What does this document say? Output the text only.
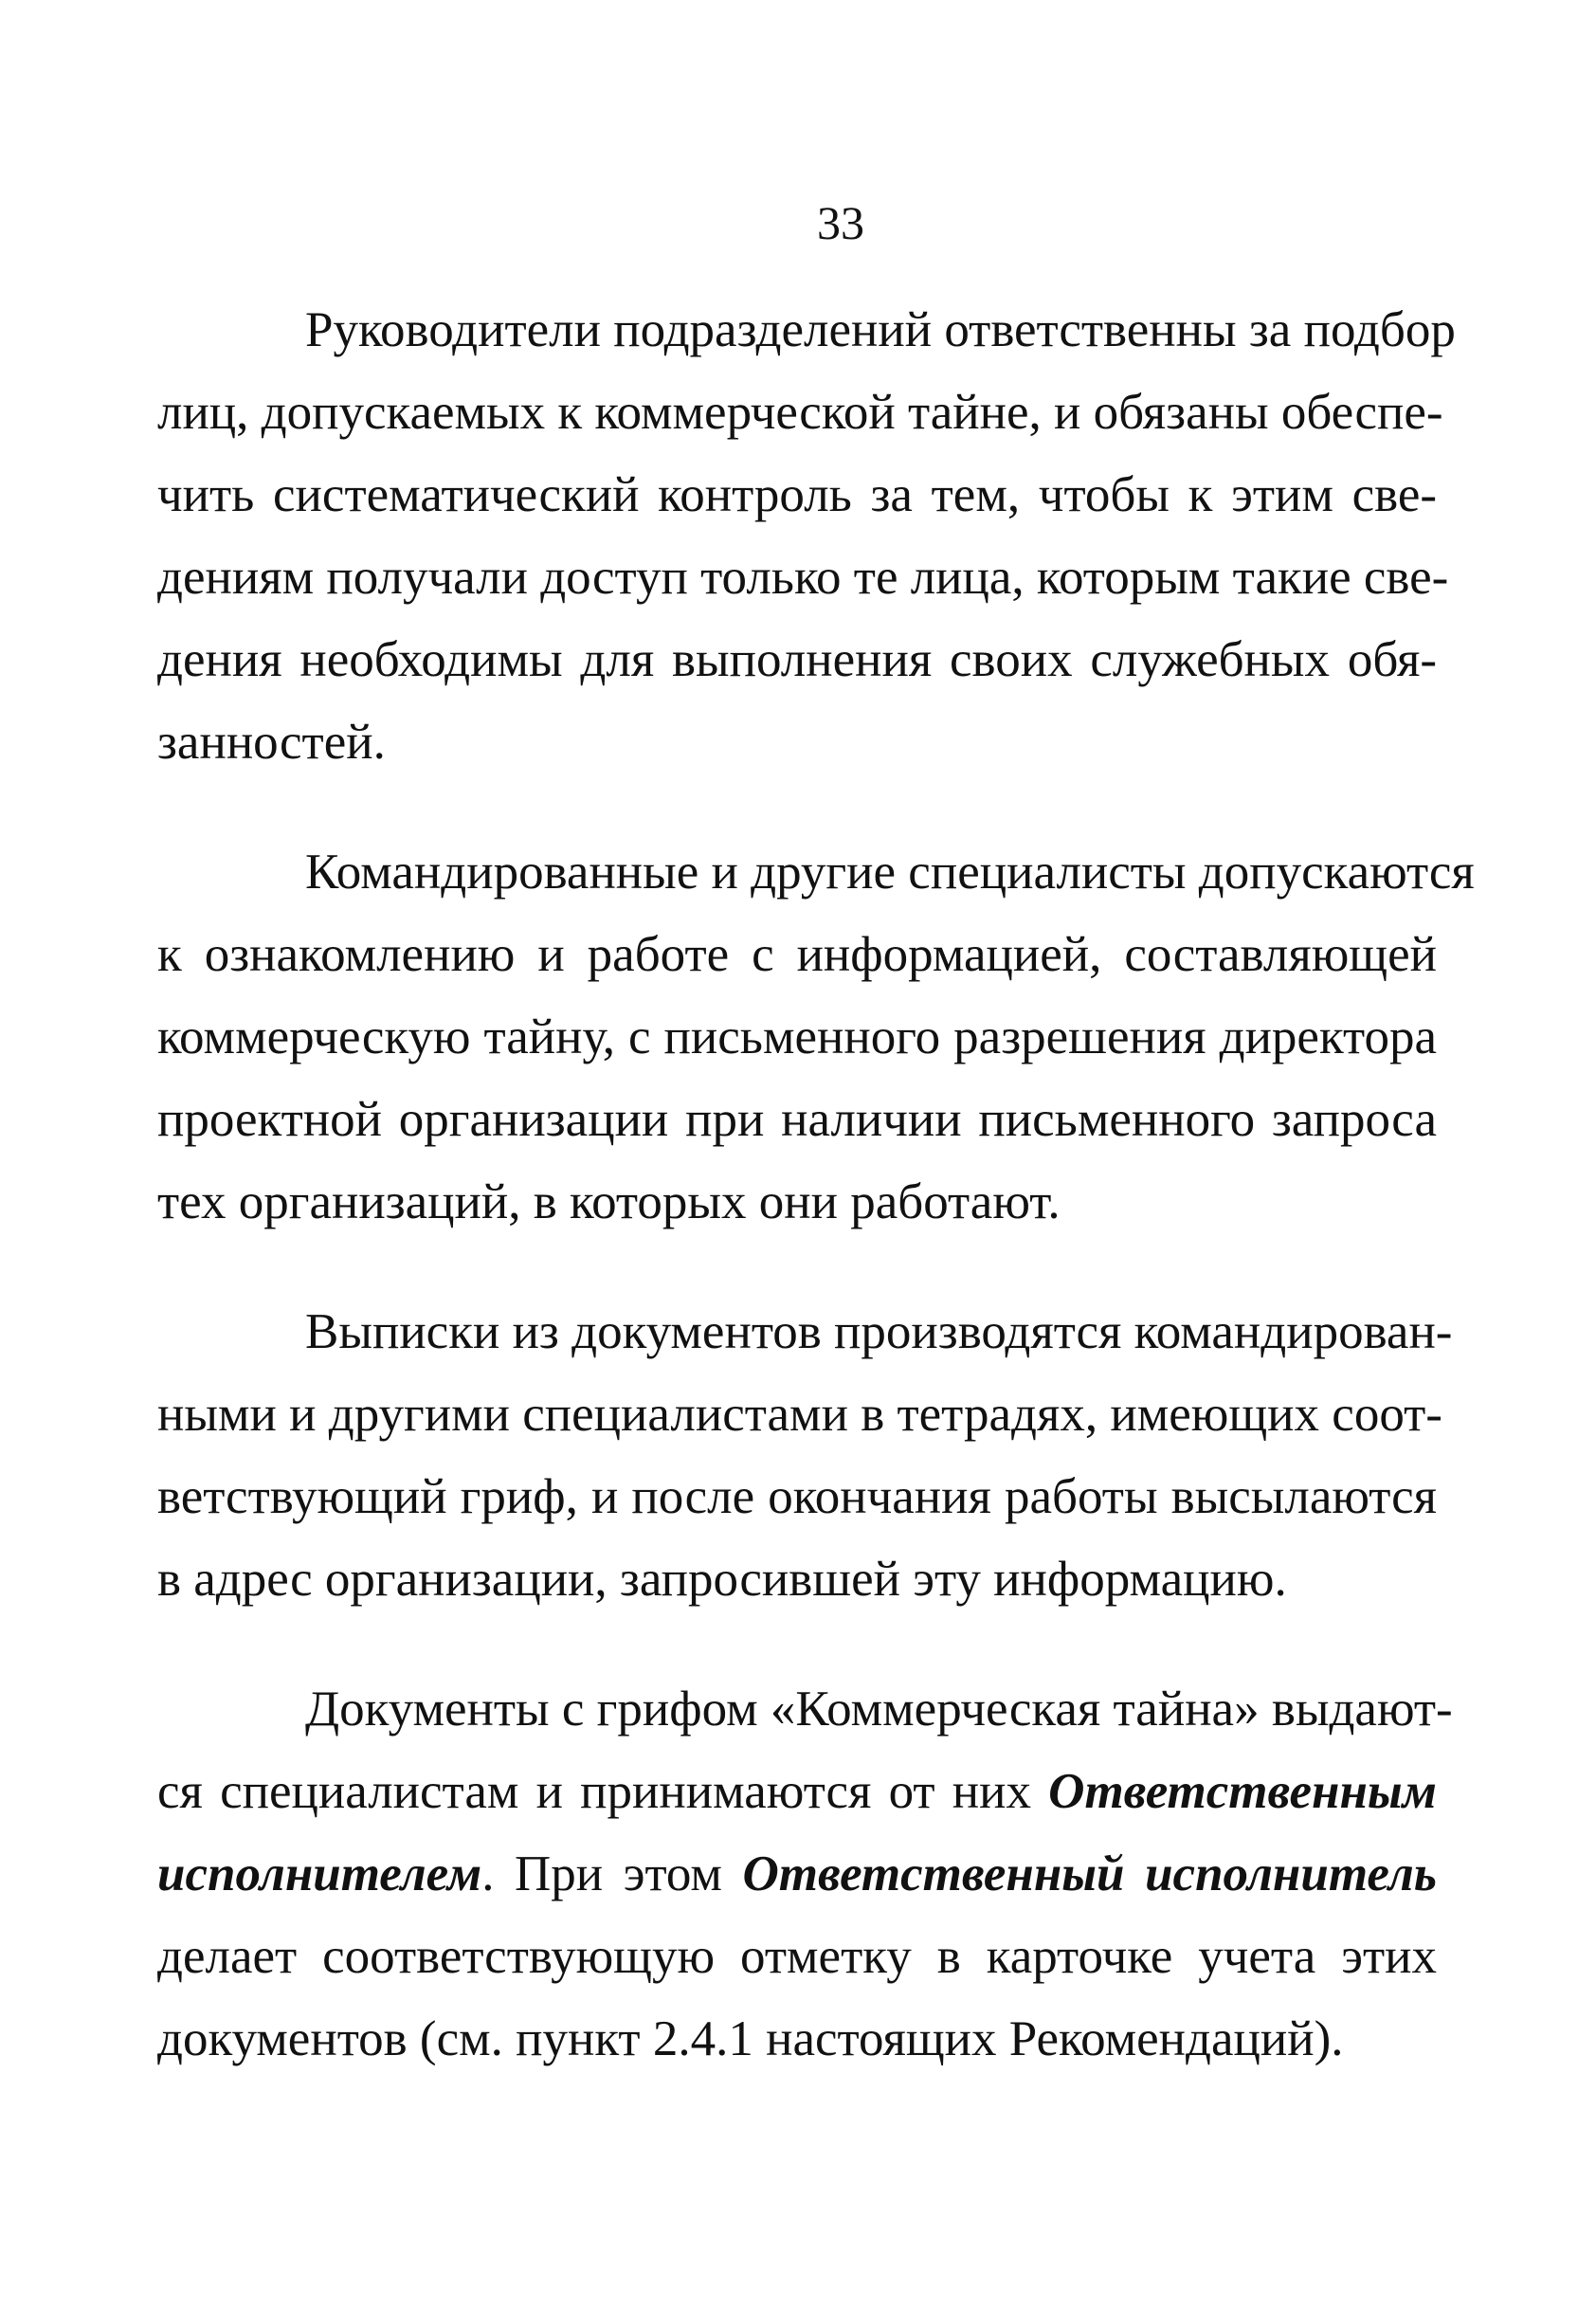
33
Руководители подразделений ответственны за подбор
лиц, допускаемых к коммерческой тайне, и обязаны обеспе-
чить систематический контроль за тем, чтобы к этим све-
дениям получали доступ только те лица, которым такие све-
дения необходимы для выполнения своих служебных обя-
занностей.
Командированные и другие специалисты допускаются
к ознакомлению и работе с информацией, составляющей
коммерческую тайну, с письменного разрешения директора
проектной организации при наличии письменного запроса
тех организаций, в которых они работают.
Выписки из документов производятся командирован-
ными и другими специалистами в тетрадях, имеющих соот-
ветствующий гриф, и после окончания работы высылаются
в адрес организации, запросившей эту информацию.
Документы с грифом «Коммерческая тайна» выдают-
ся специалистам и принимаются от них Ответственным
исполнителем. При этом Ответственный исполнитель
делает соответствующую отметку в карточке учета этих
документов (см. пункт 2.4.1 настоящих Рекомендаций).
